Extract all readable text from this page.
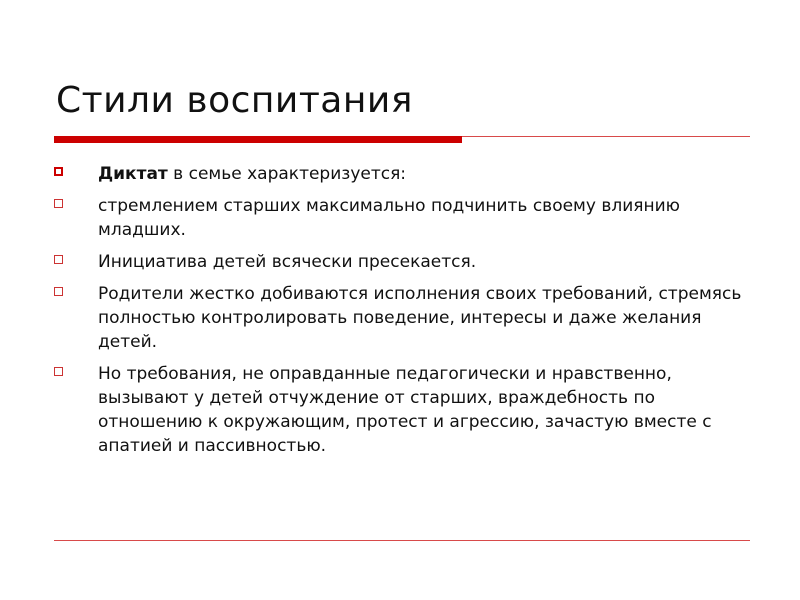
Стили воспитания
Диктат в семье характеризуется:
стремлением старших максимально подчинить своему влиянию младших.
Инициатива детей всячески пресекается.
Родители жестко добиваются исполнения своих требований, стремясь полностью контролировать поведение, интересы и даже желания детей.
Но требования, не оправданные педагогически и нравственно, вызывают у детей отчуждение от старших, враждебность по отношению к окружающим, протест и агрессию, зачастую вместе с апатией и пассивностью.
